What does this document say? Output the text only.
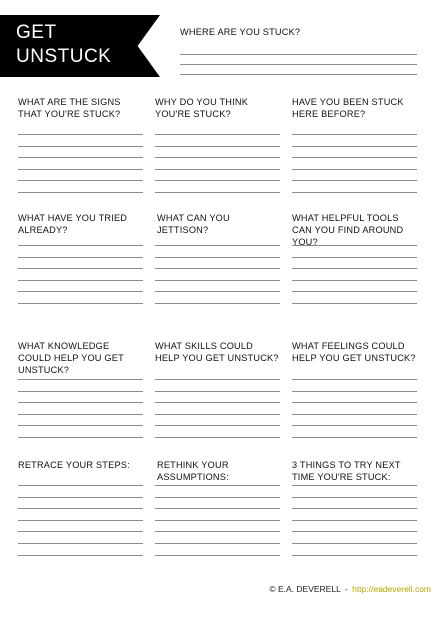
GET
UNSTUCK
WHERE ARE YOU STUCK?
WHAT ARE THE SIGNS THAT YOU'RE STUCK?
WHY DO YOU THINK YOU'RE STUCK?
HAVE YOU BEEN STUCK HERE BEFORE?
WHAT HAVE YOU TRIED ALREADY?
WHAT CAN YOU JETTISON?
WHAT HELPFUL TOOLS CAN YOU FIND AROUND YOU?
WHAT KNOWLEDGE COULD HELP YOU GET UNSTUCK?
WHAT SKILLS COULD HELP YOU GET UNSTUCK?
WHAT FEELINGS COULD HELP YOU GET UNSTUCK?
RETRACE YOUR STEPS:	RETHINK YOUR ASSUMPTIONS:
3 THINGS TO TRY NEXT TIME YOU'RE STUCK:
© E.A. DEVERELL - http://eadeverell.com
